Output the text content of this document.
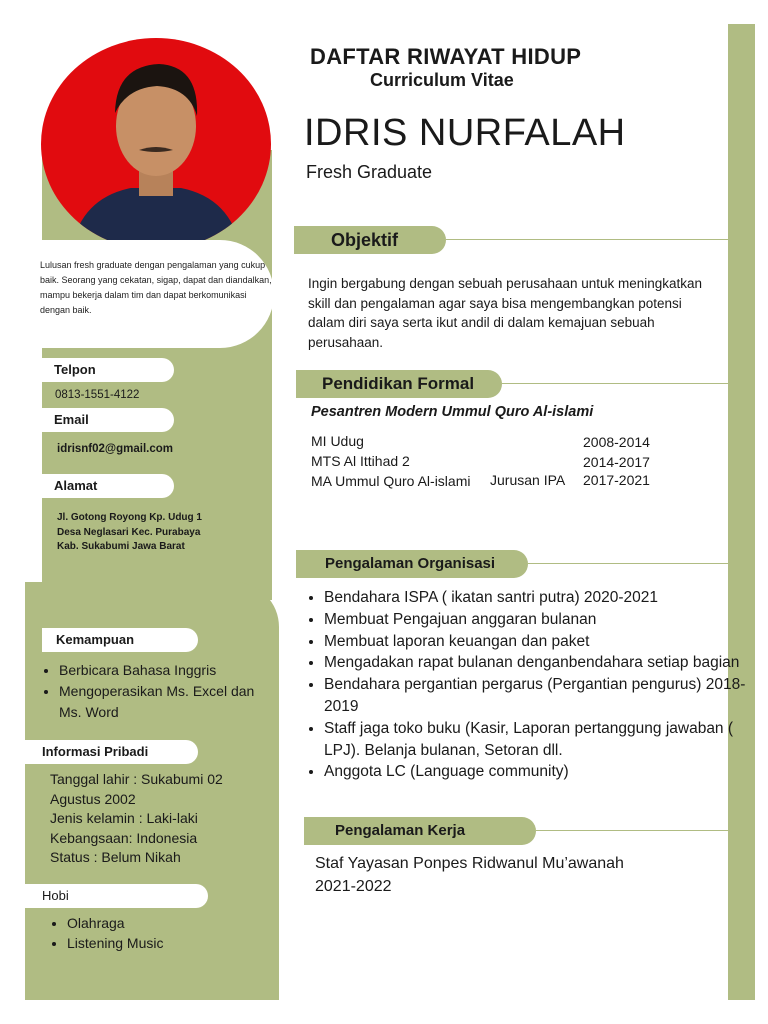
Lulusan fresh graduate dengan pengalaman yang cukup baik. Seorang yang cekatan, sigap, dapat dan diandalkan, mampu bekerja dalam tim dan dapat berkomunikasi dengan baik.
Telpon
0813-1551-4122
Email
idrisnf02@gmail.com
Alamat
Jl. Gotong Royong Kp. Udug 1
Desa Neglasari Kec. Purabaya
Kab. Sukabumi Jawa Barat
Kemampuan
• Berbicara Bahasa Inggris
• Mengoperasikan Ms. Excel dan Ms. Word
Informasi Pribadi
Tanggal lahir : Sukabumi 02
Agustus 2002
Jenis kelamin : Laki-laki
Kebangsaan: Indonesia
Status : Belum Nikah
Hobi
• Olahraga
• Listening Music
DAFTAR RIWAYAT HIDUP
Curriculum Vitae
IDRIS NURFALAH
Fresh Graduate
Objektif
Ingin bergabung dengan sebuah perusahaan untuk meningkatkan skill dan pengalaman agar saya bisa mengembangkan potensi dalam diri saya serta ikut andil di dalam kemajuan sebuah perusahaan.
Pendidikan Formal
Pesantren Modern Ummul Quro Al-islami
MI Udug	2008-2014
MTS Al Ittihad 2	2014-2017
MA Ummul Quro Al-islami Jurusan IPA 2017-2021
Pengalaman Organisasi
• Bendahara ISPA ( ikatan santri putra) 2020-2021
• Membuat Pengajuan anggaran bulanan
• Membuat laporan keuangan dan paket
• Mengadakan rapat bulanan denganbendahara setiap bagian
• Bendahara pergantian pergarus (Pergantian pengurus) 2018-2019
• Staff jaga toko buku (Kasir, Laporan pertanggung jawaban ( LPJ). Belanja bulanan, Setoran dll.
• Anggota LC (Language community)
Pengalaman Kerja
Staf Yayasan Ponpes Ridwanul Mu’awanah
2021-2022
